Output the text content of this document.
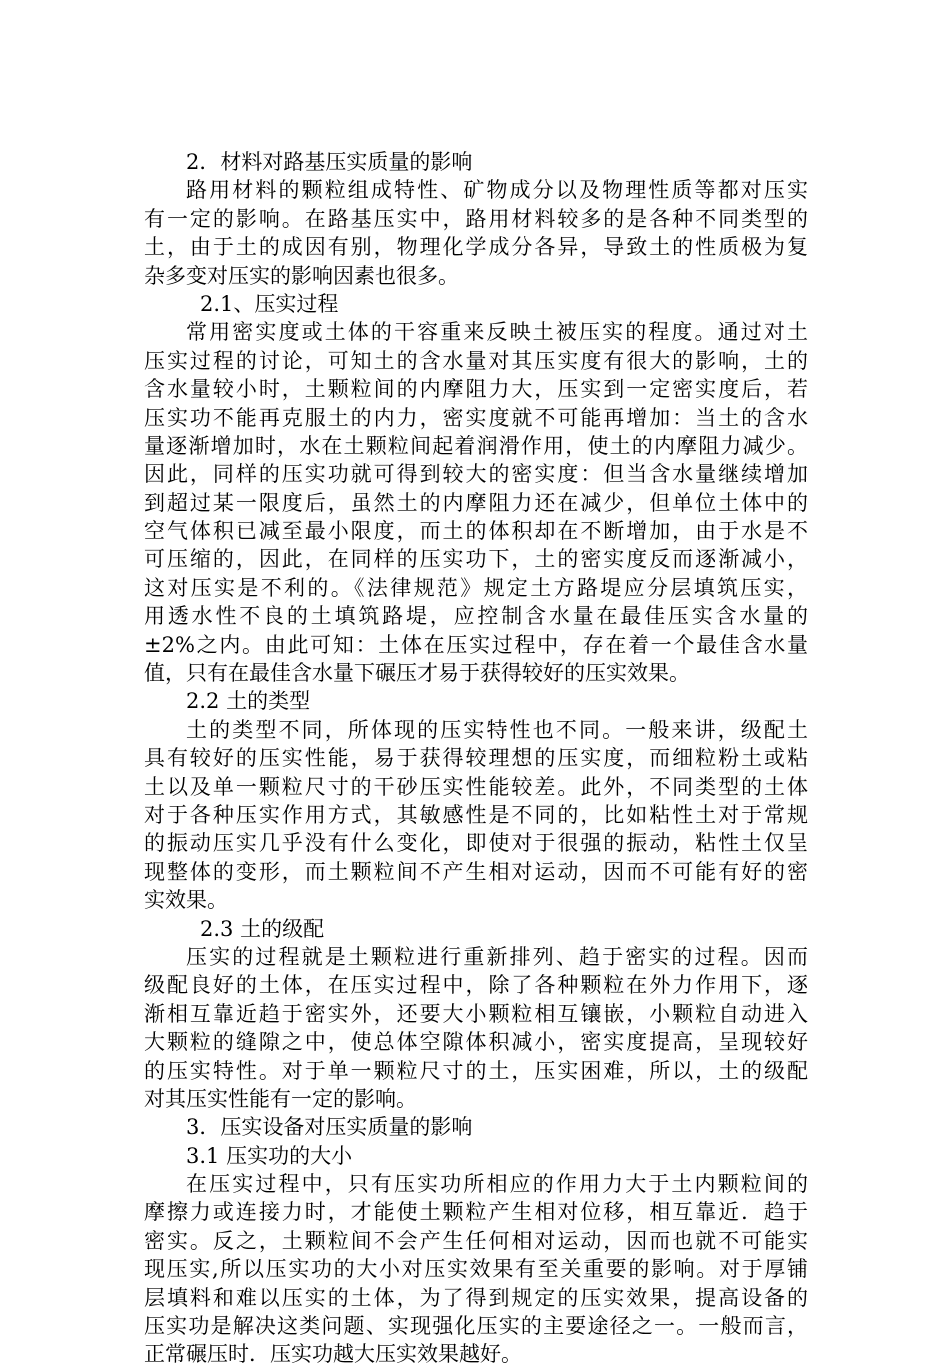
2．材料对路基压实质量的影响
路用材料的颗粒组成特性、矿物成分以及物理性质等都对压实
有一定的影响。在路基压实中，路用材料较多的是各种不同类型的
土，由于土的成因有别，物理化学成分各异，导致土的性质极为复
杂多变对压实的影响因素也很多。
2.1、压实过程
常用密实度或土体的干容重来反映土被压实的程度。通过对土
压实过程的讨论，可知土的含水量对其压实度有很大的影响，土的
含水量较小时，土颗粒间的内摩阻力大，压实到一定密实度后，若
压实功不能再克服土的内力，密实度就不可能再增加：当土的含水
量逐渐增加时，水在土颗粒间起着润滑作用，使土的内摩阻力减少。
因此，同样的压实功就可得到较大的密实度：但当含水量继续增加
到超过某一限度后，虽然土的内摩阻力还在减少，但单位土体中的
空气体积已减至最小限度，而土的体积却在不断增加，由于水是不
可压缩的，因此，在同样的压实功下，土的密实度反而逐渐减小，
这对压实是不利的。《法律规范》规定土方路堤应分层填筑压实，
用透水性不良的土填筑路堤，应控制含水量在最佳压实含水量的
±2%之内。由此可知：土体在压实过程中，存在着一个最佳含水量
值，只有在最佳含水量下碾压才易于获得较好的压实效果。
2.2 土的类型
土的类型不同，所体现的压实特性也不同。一般来讲，级配土
具有较好的压实性能，易于获得较理想的压实度，而细粒粉土或粘
土以及单一颗粒尺寸的干砂压实性能较差。此外，不同类型的土体
对于各种压实作用方式，其敏感性是不同的，比如粘性土对于常规
的振动压实几乎没有什么变化，即使对于很强的振动，粘性土仅呈
现整体的变形，而土颗粒间不产生相对运动，因而不可能有好的密
实效果。
2.3 土的级配
压实的过程就是土颗粒进行重新排列、趋于密实的过程。因而
级配良好的土体，在压实过程中，除了各种颗粒在外力作用下，逐
渐相互靠近趋于密实外，还要大小颗粒相互镶嵌，小颗粒自动进入
大颗粒的缝隙之中，使总体空隙体积减小，密实度提高，呈现较好
的压实特性。对于单一颗粒尺寸的土，压实困难，所以，土的级配
对其压实性能有一定的影响。
3．压实设备对压实质量的影响
3.1 压实功的大小
在压实过程中，只有压实功所相应的作用力大于土内颗粒间的
摩擦力或连接力时，才能使土颗粒产生相对位移，相互靠近．趋于
密实。反之，土颗粒间不会产生任何相对运动，因而也就不可能实
现压实,所以压实功的大小对压实效果有至关重要的影响。对于厚铺
层填料和难以压实的土体，为了得到规定的压实效果，提高设备的
压实功是解决这类问题、实现强化压实的主要途径之一。一般而言，
正常碾压时．压实功越大压实效果越好。
